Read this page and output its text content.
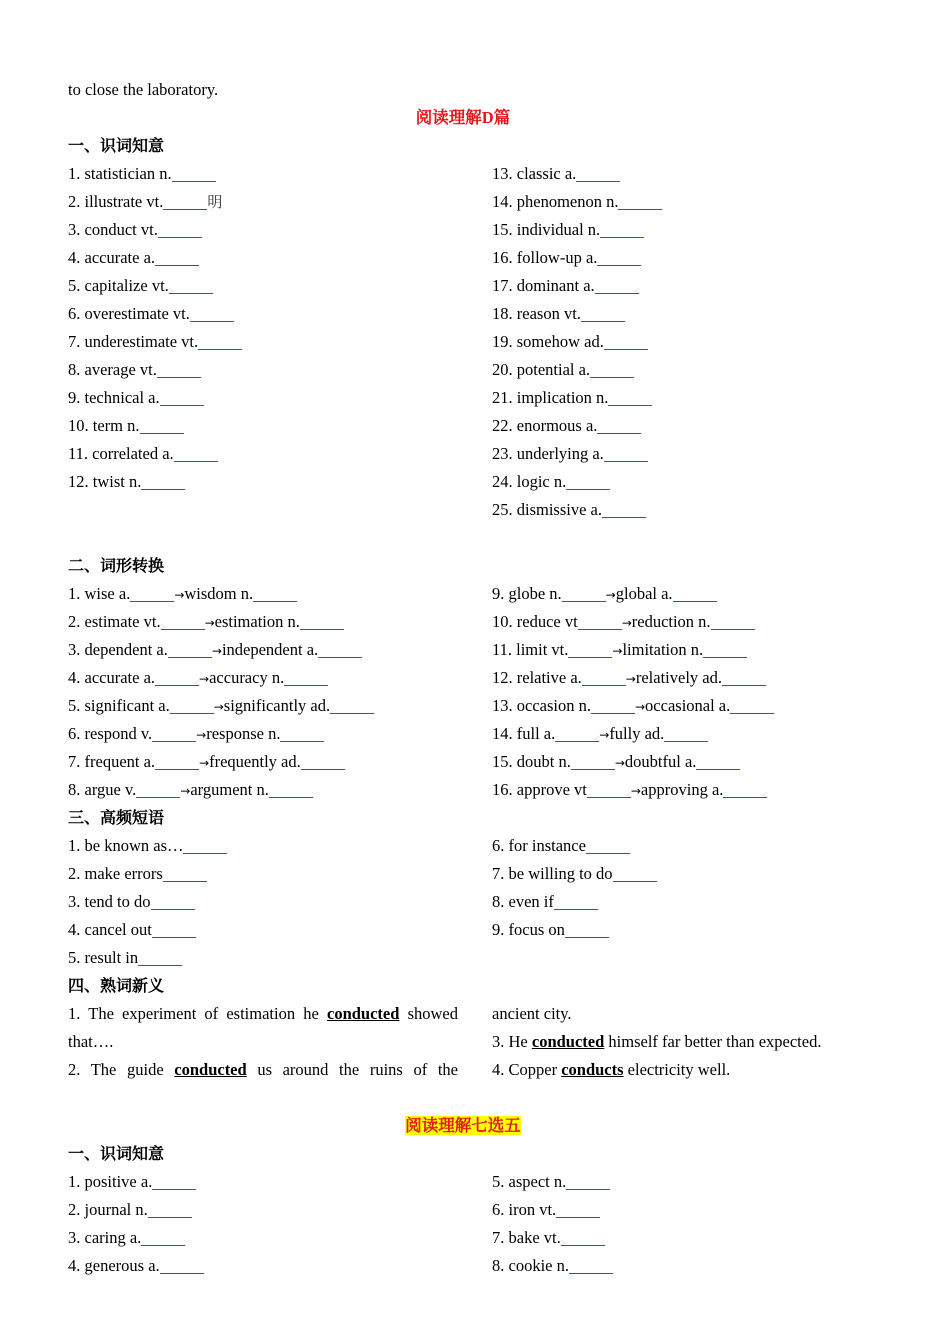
to close the laboratory.
阅读理解D篇
一、识词知意
1. statistician n.
2. illustrate vt.	明
3. conduct vt.
4. accurate a.
5. capitalize vt.
6. overestimate vt.
7. underestimate vt.
8. average vt.
9. technical a.
10. term n.
11. correlated a.
12. twist n.
13. classic a.
14. phenomenon n.
15. individual n.
16. follow-up a.
17. dominant a.
18. reason vt.
19. somehow ad.
20. potential a.
21. implication n.
22. enormous a.
23. underlying a.
24. logic n.
25. dismissive a.
二、词形转换
1. wise a.	→wisdom n.
2. estimate vt.	→estimation n.
3. dependent a.	→independent a.
4. accurate a.	→accuracy n.
5. significant a.	→significantly ad.
6. respond v.	→response n.
7. frequent a.	→frequently ad.
8. argue v.	→argument n.
9. globe n.	→global a.
10. reduce vt	→reduction n.
11. limit vt.	→limitation n.
12. relative a.	→relatively ad.
13. occasion n.	→occasional a.
14. full a.	→fully ad.
15. doubt n.	→doubtful a.
16. approve vt	→approving a.
三、高频短语
1. be known as…
2. make errors
3. tend to do
4. cancel out
5. result in
6. for instance
7. be willing to do
8. even if
9. focus on
四、熟词新义
1. The experiment of estimation he conducted showed
that….
2. The guide conducted us around the ruins of the
ancient city.
3. He conducted himself far better than expected.
4. Copper conducts electricity well.
阅读理解七选五
一、识词知意
1. positive a.
2. journal n.
3. caring a.
4. generous a.
5. aspect n.
6. iron vt.
7. bake vt.
8. cookie n.
